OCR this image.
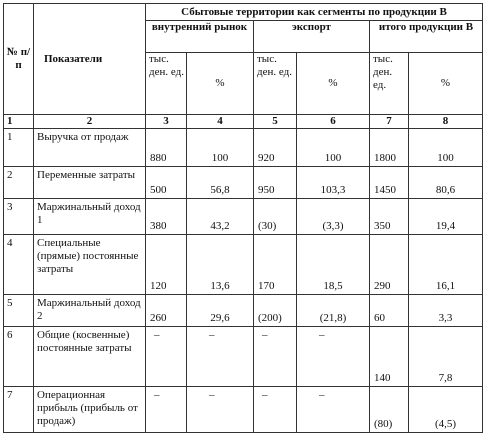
№ п/п	Показатели	Сбытовые территории как сегменты по продукции В					
		внутренний рынок		экспорт		итого продукции В	
		тыс. ден. ед.	%	тыс. ден. ед.	%	тыс. ден. ед.	%
1	2	3	4	5	6	7	8
1	Выручка от продаж	880	100	920	100	1800	100
2	Переменные затраты	500	56,8	950	103,3	1450	80,6
3	Маржинальный доход 1	380	43,2	(30)	(3,3)	350	19,4
4	Специальные (прямые) постоянные затраты	120	13,6	170	18,5	290	16,1
5	Маржинальный доход 2	260	29,6	(200)	(21,8)	60	3,3
6	Общие (косвенные) постоянные затраты	–	–	–	–	140	7,8
7	Операционная прибыль (прибыль от продаж)	–	–	–	–	(80)	(4,5)
